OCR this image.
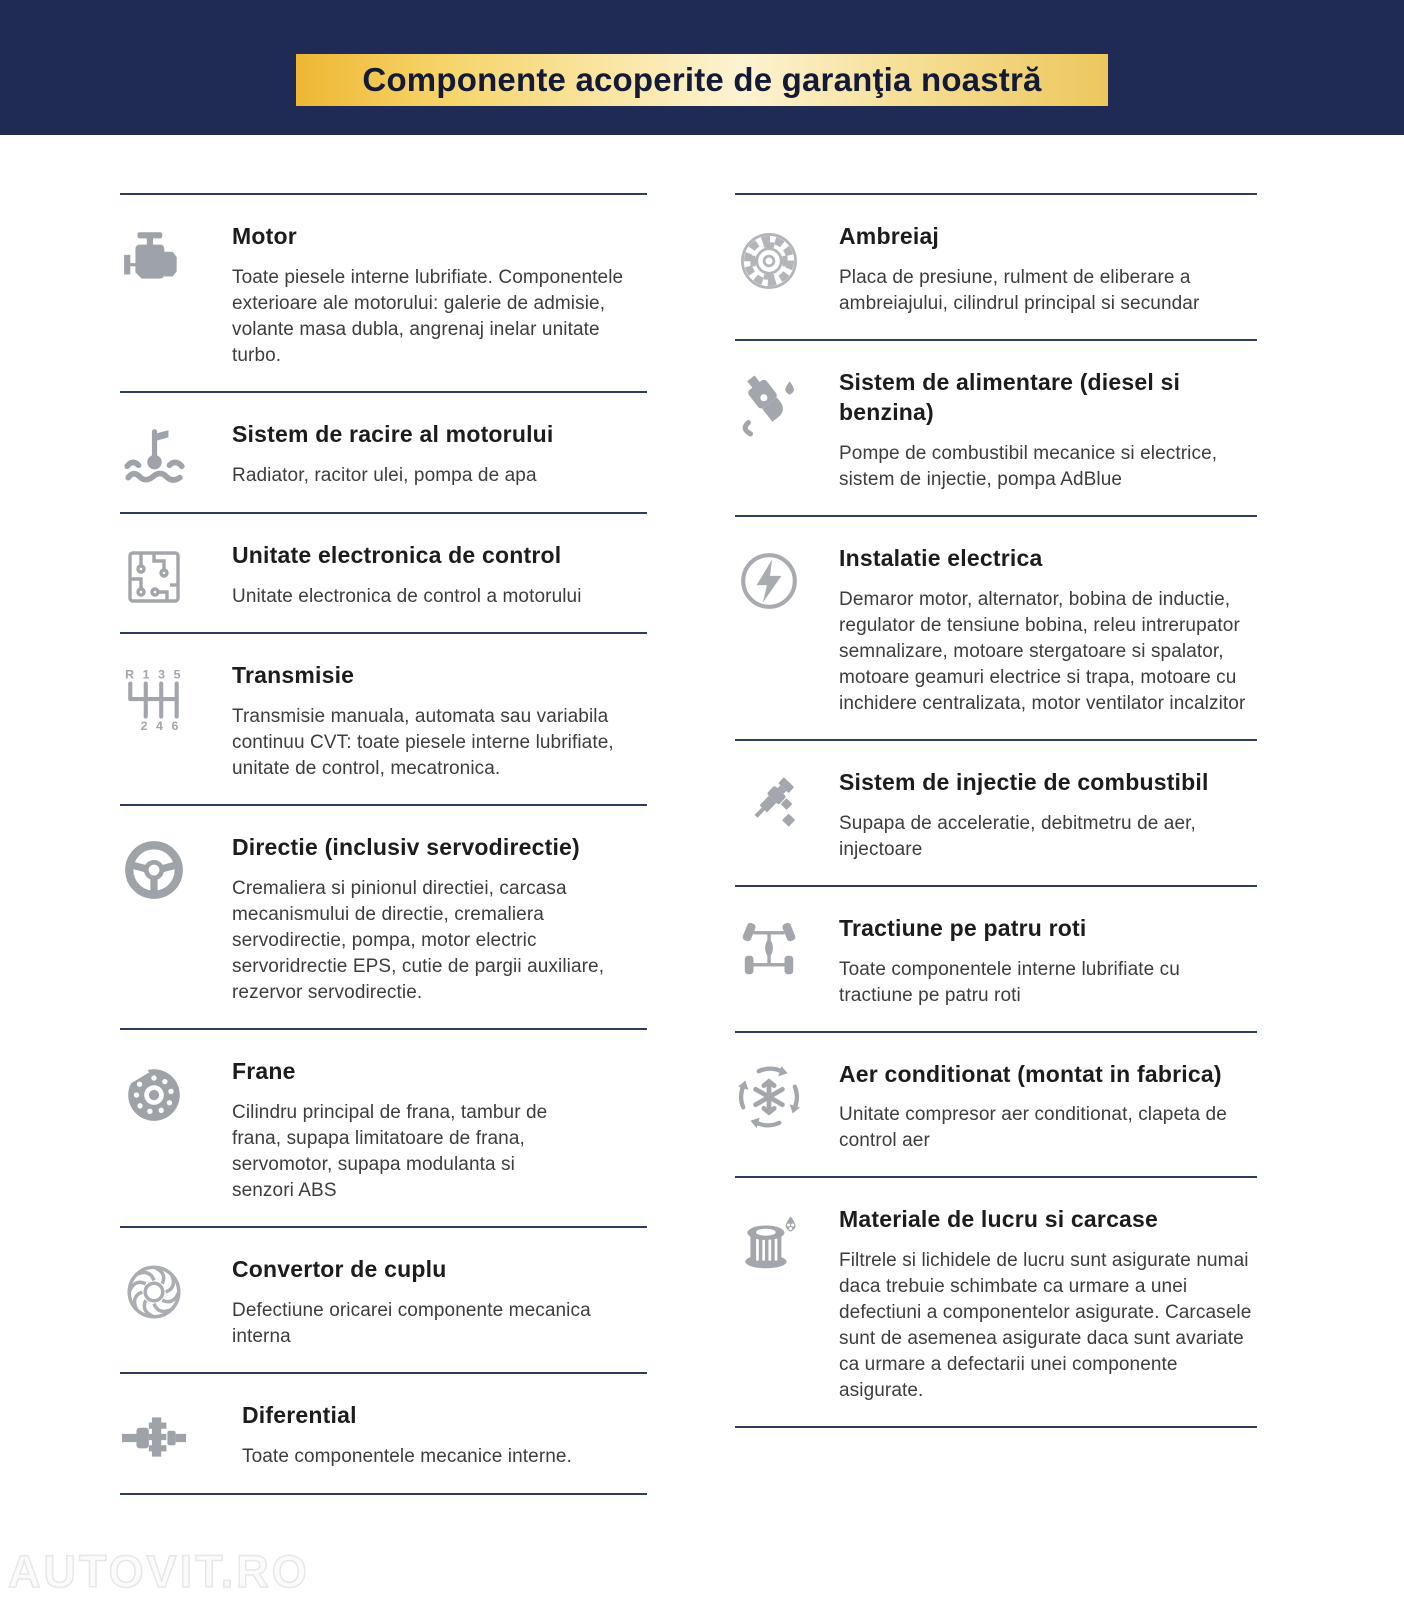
Componente acoperite de garanţia noastră
Motor

Toate piesele interne lubrifiate. Componentele exterioare ale motorului: galerie de admisie, volante masa dubla, angrenaj inelar unitate turbo.

Sistem de racire al motorului

Radiator, racitor ulei, pompa de apa

Unitate electronica de control

Unitate electronica de control a motorului

R 1 3 5
2 4 6
Transmisie

Transmisie manuala, automata sau variabila continuu CVT: toate piesele interne lubrifiate, unitate de control, mecatronica.

Directie (inclusiv servodirectie)

Cremaliera si pinionul directiei, carcasa mecanismului de directie, cremaliera servodirectie, pompa, motor electric servoridrectie EPS, cutie de pargii auxiliare, rezervor servodirectie.

Frane

Cilindru principal de frana, tambur de frana, supapa limitatoare de frana, servomotor, supapa modulanta si senzori ABS

Convertor de cuplu

Defectiune oricarei componente mecanica interna

Diferential

Toate componentele mecanice interne.

Ambreiaj

Placa de presiune, rulment de eliberare a ambreiajului, cilindrul principal si secundar

Sistem de alimentare (diesel si benzina)

Pompe de combustibil mecanice si electrice, sistem de injectie, pompa AdBlue

Instalatie electrica

Demaror motor, alternator, bobina de inductie, regulator de tensiune bobina, releu intrerupator semnalizare, motoare stergatoare si spalator, motoare geamuri electrice si trapa, motoare cu inchidere centralizata, motor ventilator incalzitor

Sistem de injectie de combustibil

Supapa de acceleratie, debitmetru de aer, injectoare

Tractiune pe patru roti

Toate componentele interne lubrifiate cu tractiune pe patru roti

Aer conditionat (montat in fabrica)

Unitate compresor aer conditionat, clapeta de control aer

Materiale de lucru si carcase

Filtrele si lichidele de lucru sunt asigurate numai daca trebuie schimbate ca urmare a unei defectiuni a componentelor asigurate. Carcasele sunt de asemenea asigurate daca sunt avariate ca urmare a defectarii unei componente asigurate.

AUTOVIT.RO
